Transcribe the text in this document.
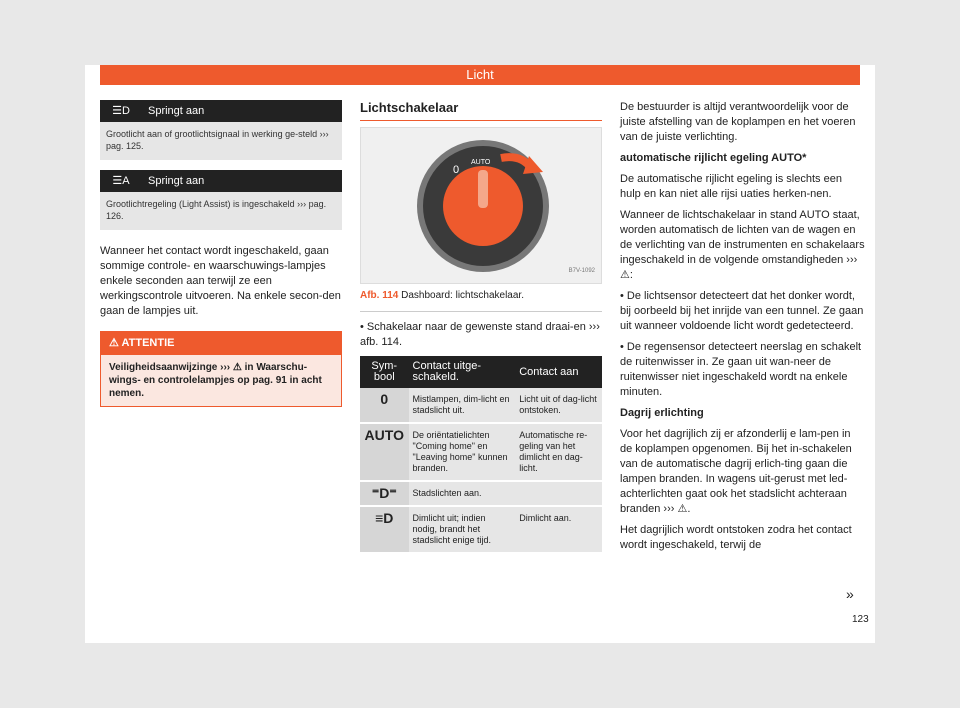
Licht
☰D	Springt aan
Grootlicht aan of grootlichtsignaal in werking ge-steld ››› pag. 125.
☰A	Springt aan
Grootlichtregeling (Light Assist) is ingeschakeld ››› pag. 126.

Wanneer het contact wordt ingeschakeld, gaan sommige controle- en waarschuwings-lampjes enkele seconden aan terwijl ze een werkingscontrole uitvoeren. Na enkele secon-den gaan de lampjes uit.

⚠ ATTENTIE
Veiligheidsaanwijzinge ››› ⚠ in Waarschu-wings- en controlelampjes op pag. 91 in acht nemen.
Lichtschakelaar
0
AUTO
B7V-1092
Afb. 114 Dashboard: lichtschakelaar.

• Schakelaar naar de gewenste stand draai-en ››› afb. 114.

Sym-bool	Contact uitge-schakeld.	Contact aan
0	Mistlampen, dim-licht en stadslicht uit.	Licht uit of dag-licht ontstoken.
AUTO	De oriëntatielichten "Coming home" en "Leaving home" kunnen branden.	Automatische re-geling van het dimlicht en dag-licht.
⁼D⁼	Stadslichten aan.	
≡D	Dimlicht uit; indien nodig, brandt het stadslicht enige tijd.	Dimlicht aan.

De bestuurder is altijd verantwoordelijk voor de juiste afstelling van de koplampen en het voeren van de juiste verlichting.

automatische rijlicht egeling AUTO*

De automatische rijlicht egeling is slechts een hulp en kan niet alle rijsi uaties herken-nen.

Wanneer de lichtschakelaar in stand AUTO staat, worden automatisch de lichten van de wagen en de verlichting van de instrumenten en schakelaars ingeschakeld in de volgende omstandigheden ››› ⚠:

• De lichtsensor detecteert dat het donker wordt, bij oorbeeld bij het inrijde van een tunnel. Ze gaan uit wanneer voldoende licht wordt gedetecteerd.

• De regensensor detecteert neerslag en schakelt de ruitenwisser in. Ze gaan uit wan-neer de ruitenwisser niet ingeschakeld wordt na enkele minuten.

Dagrij erlichting

Voor het dagrijlich zij er afzonderlij e lam-pen in de koplampen opgenomen. Bij het in-schakelen van de automatische dagrij erlich-ting gaan die lampen branden. In wagens uit-gerust met led-achterlichten gaat ook het stadslicht achteraan branden ››› ⚠.

Het dagrijlich wordt ontstoken zodra het contact wordt ingeschakeld, terwij de

»
123
